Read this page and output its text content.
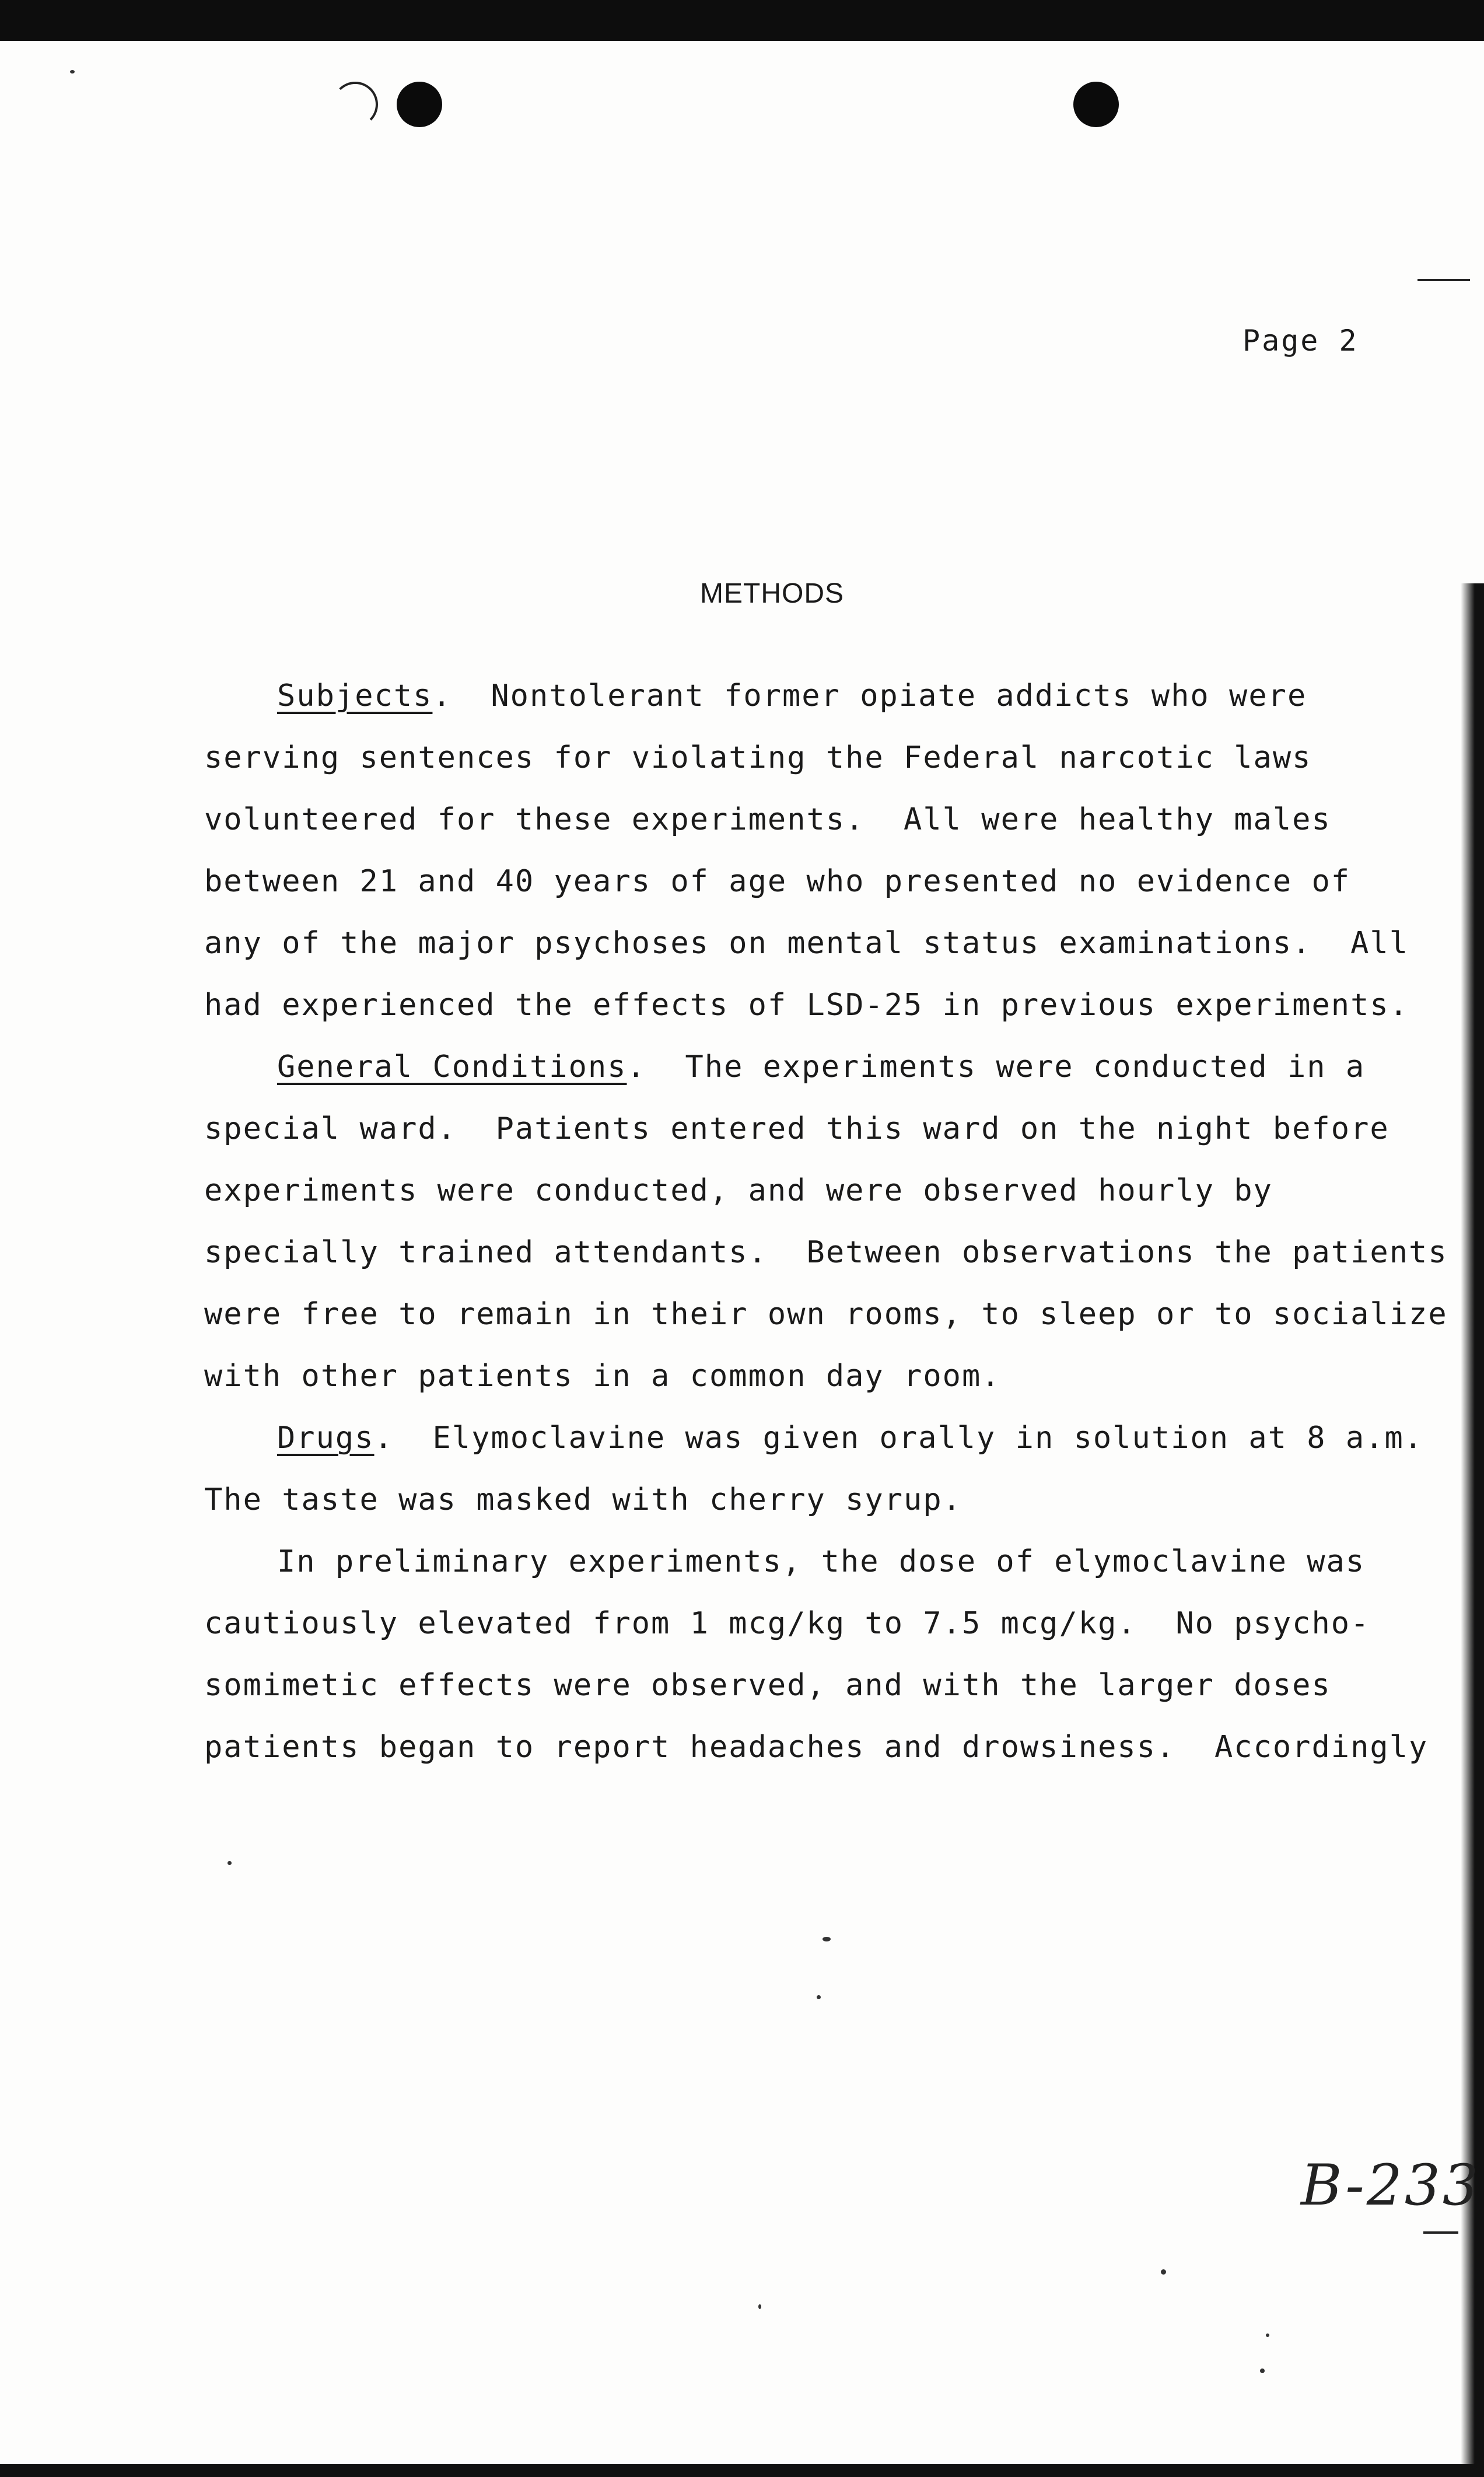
Page 2
METHODS
Subjects.  Nontolerant former opiate addicts who were
serving sentences for violating the Federal narcotic laws
volunteered for these experiments.  All were healthy males
between 21 and 40 years of age who presented no evidence of
any of the major psychoses on mental status examinations.  All
had experienced the effects of LSD-25 in previous experiments.
General Conditions.  The experiments were conducted in a
special ward.  Patients entered this ward on the night before
experiments were conducted, and were observed hourly by
specially trained attendants.  Between observations the patients
were free to remain in their own rooms, to sleep or to socialize
with other patients in a common day room.
Drugs.  Elymoclavine was given orally in solution at 8 a.m.
The taste was masked with cherry syrup.
In preliminary experiments, the dose of elymoclavine was
cautiously elevated from 1 mcg/kg to 7.5 mcg/kg.  No psycho-
somimetic effects were observed, and with the larger doses
patients began to report headaches and drowsiness.  Accordingly
B-233
